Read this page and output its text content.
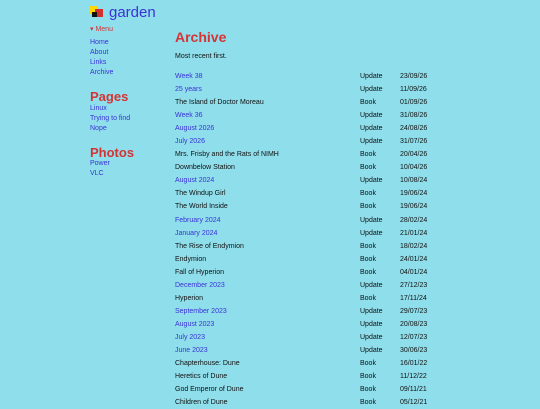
garden
▾ Menu
Home
About
Links
Archive
Pages
Linux
Trying to find
Nope
Photos
Power
VLC
Archive
Most recent first.
Week 38	Update 23/09/26
25 years	Update 11/09/26
The Island of Doctor Moreau	Book	01/09/26
Week 36	Update 31/08/26
August 2026	Update 24/08/26
July 2026	Update 31/07/26
Mrs. Frisby and the Rats of NIMH	Book	20/04/26
Downbelow Station	Book	10/04/26
August 2024	Update 10/08/24
The Windup Girl	Book	19/06/24
The World Inside	Book	19/06/24
February 2024	Update 28/02/24
January 2024	Update 21/01/24
The Rise of Endymion	Book	18/02/24
Endymion	Book	24/01/24
Fall of Hyperion	Book	04/01/24
December 2023	Update 27/12/23
Hyperion	Book	17/11/24
September 2023	Update 29/07/23
August 2023	Update 20/08/23
July 2023	Update 12/07/23
June 2023	Update 30/06/23
Chapterhouse: Dune	Book	16/01/22
Heretics of Dune	Book	11/12/22
God Emperor of Dune	Book	09/11/21
Children of Dune	Book	05/12/21
